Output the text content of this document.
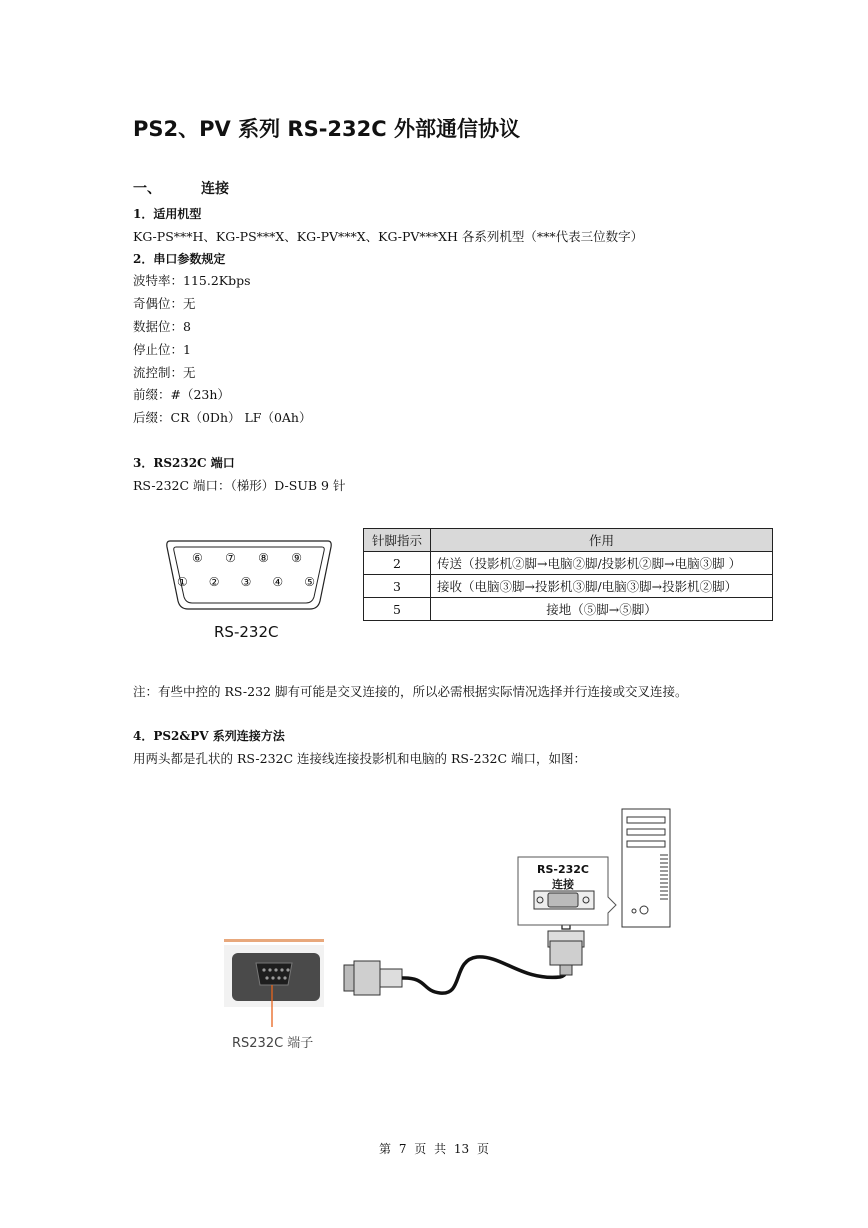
PS2、PV 系列 RS-232C 外部通信协议
一、	连接
1．适用机型
KG-PS***H、KG-PS***X、KG-PV***X、KG-PV***XH 各系列机型（***代表三位数字）
2．串口参数规定
波特率：115.2Kbps
奇偶位：无
数据位：8
停止位：1
流控制：无
前缀：#（23h）
后缀：CR（0Dh） LF（0Ah）
3．RS232C 端口
RS-232C 端口：（梯形）D-SUB 9 针
⑥ ⑦ ⑧ ⑨
① ② ③ ④ ⑤
RS-232C
针脚指示	作用
2	传送（投影机②脚→电脑②脚/投影机②脚→电脑③脚 ）
3	接收（电脑③脚→投影机③脚/电脑③脚→投影机②脚）
5	接地（⑤脚→⑤脚）
注：有些中控的 RS-232 脚有可能是交叉连接的，所以必需根据实际情况选择并行连接或交叉连接。
4．PS2&PV 系列连接方法
用两头都是孔状的 RS-232C 连接线连接投影机和电脑的 RS-232C 端口，如图：
RS-232C
连接
RS232C 端子
第 7 页 共 13 页
